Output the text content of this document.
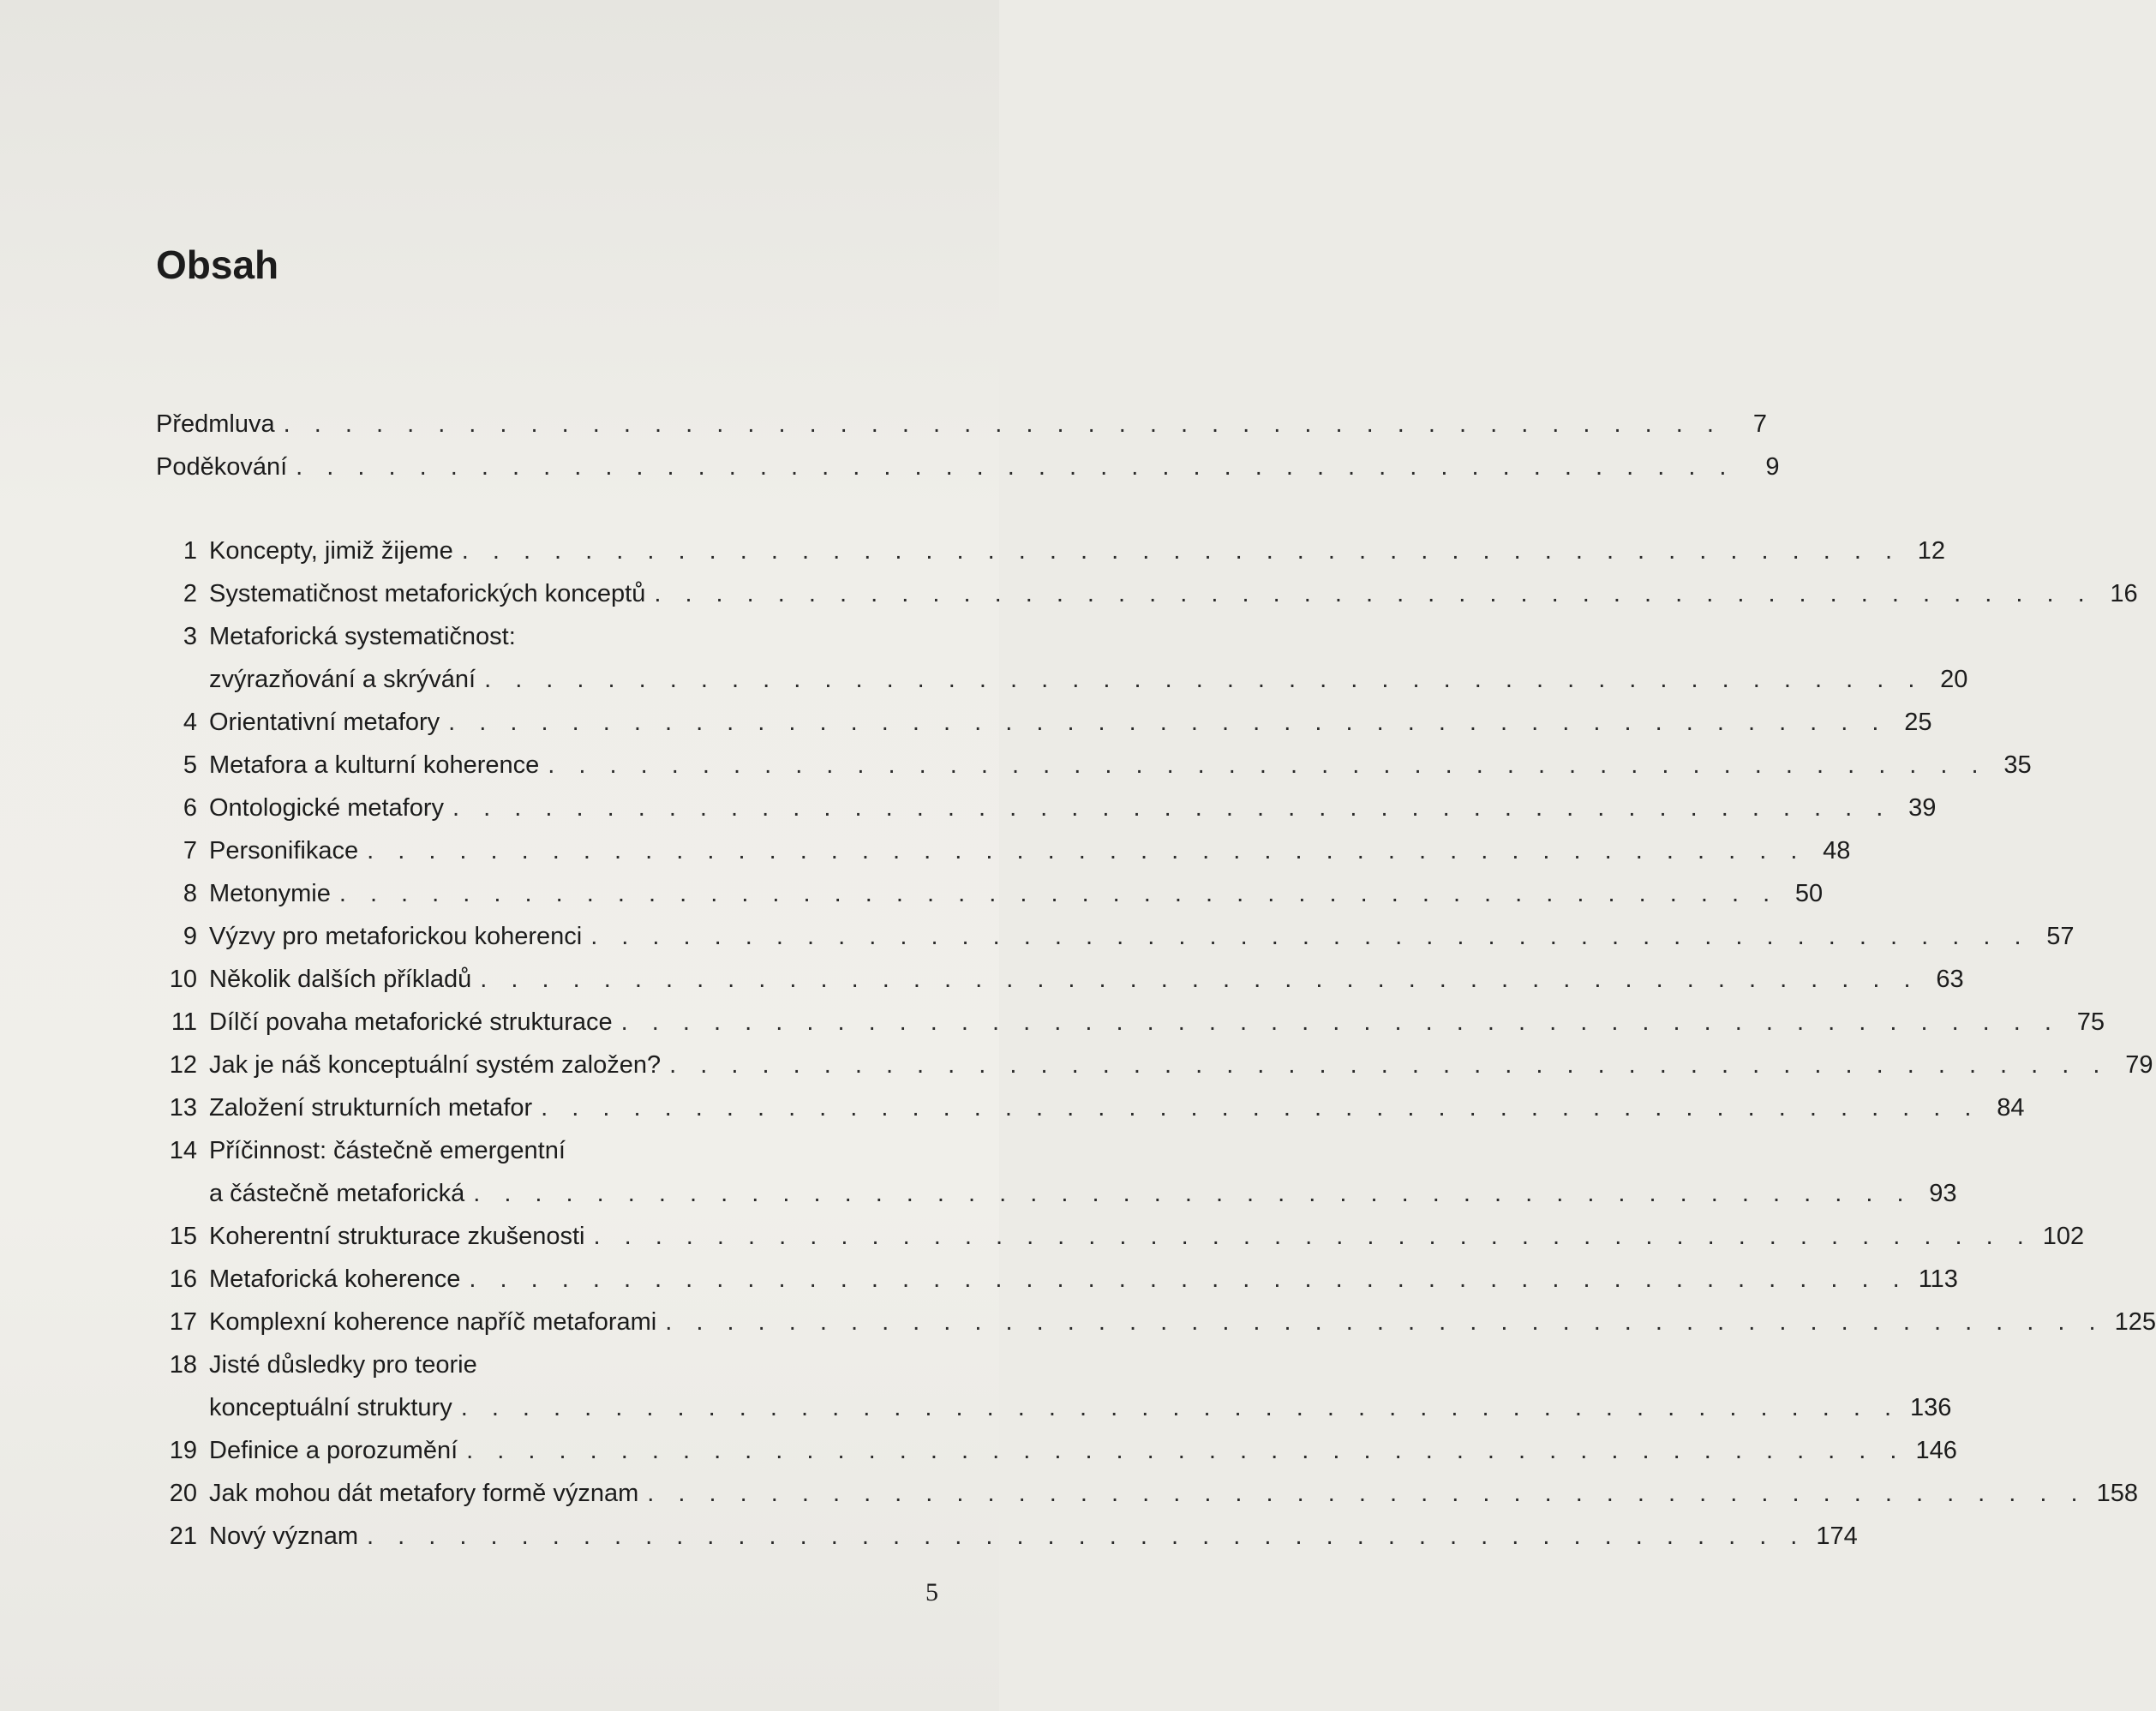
Obsah
Předmluva . . . . . . . . . . . . . . . . . . . . . . . . . . . . . . . . . . . . . . . . . . . . . . .	7
Poděkování . . . . . . . . . . . . . . . . . . . . . . . . . . . . . . . . . . . . . . . . . . . . . . .	9
1 Koncepty, jimiž žijeme . . . . . . . . . . . . . . . . . . . . . . . . . . . . . . . . . . . . . . . . . . . . . . . 12
2 Systematičnost metaforických konceptů . . . . . . . . . . . . . . . . . . . . . . . . . . . . . . . . . . . . . . . . . . . . . . . 16
3 Metaforická systematičnost:
zvýrazňování a skrývání . . . . . . . . . . . . . . . . . . . . . . . . . . . . . . . . . . . . . . . . . . . . . . . 20
4 Orientativní metafory . . . . . . . . . . . . . . . . . . . . . . . . . . . . . . . . . . . . . . . . . . . . . . . 25
5 Metafora a kulturní koherence . . . . . . . . . . . . . . . . . . . . . . . . . . . . . . . . . . . . . . . . . . . . . . . 35
6 Ontologické metafory . . . . . . . . . . . . . . . . . . . . . . . . . . . . . . . . . . . . . . . . . . . . . . . 39
7 Personifikace . . . . . . . . . . . . . . . . . . . . . . . . . . . . . . . . . . . . . . . . . . . . . . . 48
8 Metonymie . . . . . . . . . . . . . . . . . . . . . . . . . . . . . . . . . . . . . . . . . . . . . . . 50
9 Výzvy pro metaforickou koherenci . . . . . . . . . . . . . . . . . . . . . . . . . . . . . . . . . . . . . . . . . . . . . . . 57
10 Několik dalších příkladů . . . . . . . . . . . . . . . . . . . . . . . . . . . . . . . . . . . . . . . . . . . . . . . 63
11 Dílčí povaha metaforické strukturace . . . . . . . . . . . . . . . . . . . . . . . . . . . . . . . . . . . . . . . . . . . . . . . 75
12 Jak je náš konceptuální systém založen? . . . . . . . . . . . . . . . . . . . . . . . . . . . . . . . . . . . . . . . . . . . . . . . 79
13 Založení strukturních metafor . . . . . . . . . . . . . . . . . . . . . . . . . . . . . . . . . . . . . . . . . . . . . . . 84
14 Příčinnost: částečně emergentní
a částečně metaforická . . . . . . . . . . . . . . . . . . . . . . . . . . . . . . . . . . . . . . . . . . . . . . . 93
15 Koherentní strukturace zkušenosti . . . . . . . . . . . . . . . . . . . . . . . . . . . . . . . . . . . . . . . . . . . . . . . 102
16 Metaforická koherence . . . . . . . . . . . . . . . . . . . . . . . . . . . . . . . . . . . . . . . . . . . . . . . 113
17 Komplexní koherence napříč metaforami . . . . . . . . . . . . . . . . . . . . . . . . . . . . . . . . . . . . . . . . . . . . . . . 125
18 Jisté důsledky pro teorie
konceptuální struktury . . . . . . . . . . . . . . . . . . . . . . . . . . . . . . . . . . . . . . . . . . . . . . . 136
19 Definice a porozumění . . . . . . . . . . . . . . . . . . . . . . . . . . . . . . . . . . . . . . . . . . . . . . . 146
20 Jak mohou dát metafory formě význam . . . . . . . . . . . . . . . . . . . . . . . . . . . . . . . . . . . . . . . . . . . . . . . 158
21 Nový význam . . . . . . . . . . . . . . . . . . . . . . . . . . . . . . . . . . . . . . . . . . . . . . . 174
5
